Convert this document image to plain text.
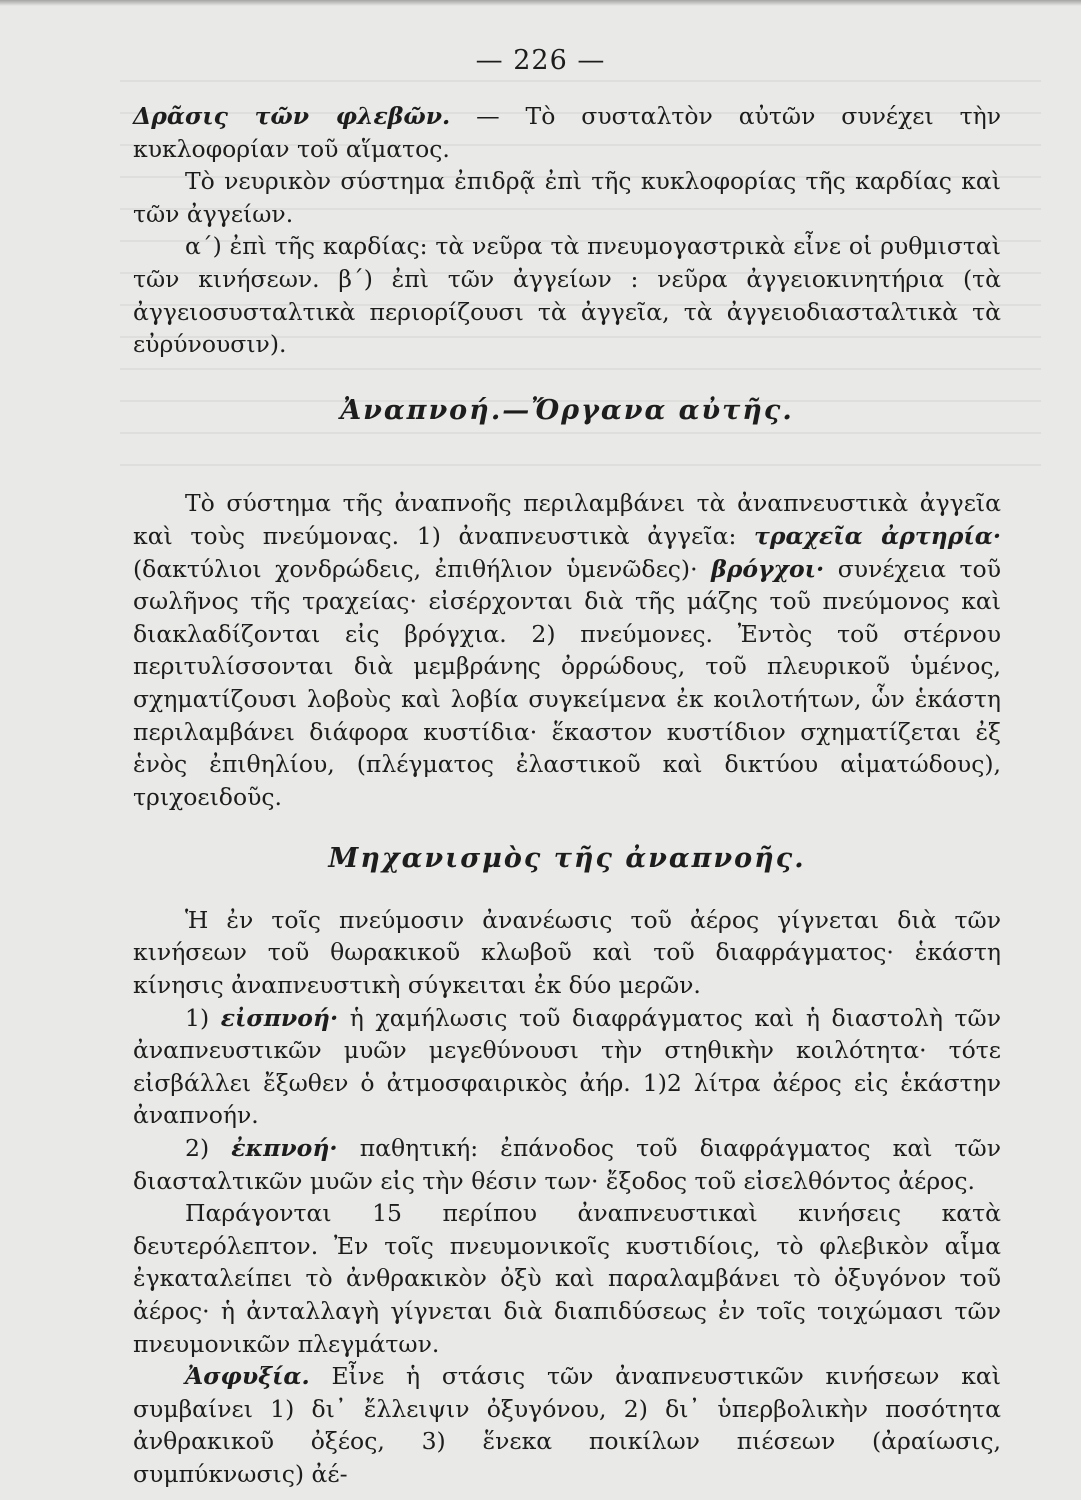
— 226 —

Δρᾶσις τῶν φλεβῶν. — Τὸ συσταλτὸν αὐτῶν συνέχει τὴν κυκλοφορίαν τοῦ αἵματος.

Τὸ νευρικὸν σύστημα ἐπιδρᾷ ἐπὶ τῆς κυκλοφορίας τῆς καρδίας καὶ τῶν ἀγγείων.

α΄) ἐπὶ τῆς καρδίας: τὰ νεῦρα τὰ πνευμογαστρικὰ εἶνε οἱ ρυθμισταὶ τῶν κινήσεων. β΄) ἐπὶ τῶν ἀγγείων : νεῦρα ἀγγειοκινητήρια (τὰ ἀγγειοσυσταλτικὰ περιορίζουσι τὰ ἀγγεῖα, τὰ ἀγγειοδιασταλτικὰ τὰ εὐρύνουσιν).

Ἀναπνοή.—Ὄργανα αὐτῆς.

Τὸ σύστημα τῆς ἀναπνοῆς περιλαμβάνει τὰ ἀναπνευστικὰ ἀγγεῖα καὶ τοὺς πνεύμονας. 1) ἀναπνευστικὰ ἀγγεῖα: τραχεῖα ἀρτηρία· (δακτύλιοι χονδρώδεις, ἐπιθήλιον ὑμενῶδες)· βρόγχοι· συνέχεια τοῦ σωλῆνος τῆς τραχείας· εἰσέρχονται διὰ τῆς μάζης τοῦ πνεύμονος καὶ διακλαδίζονται εἰς βρόγχια. 2) πνεύμονες. Ἐντὸς τοῦ στέρνου περιτυλίσσονται διὰ μεμβράνης ὀρρώδους, τοῦ πλευρικοῦ ὑμένος, σχηματίζουσι λοβοὺς καὶ λοβία συγκείμενα ἐκ κοιλοτήτων, ὧν ἑκάστη περιλαμβάνει διάφορα κυστίδια· ἕκαστον κυστίδιον σχηματίζεται ἐξ ἑνὸς ἐπιθηλίου, (πλέγματος ἐλαστικοῦ καὶ δικτύου αἱματώδους), τριχοειδοῦς.

Μηχανισμὸς τῆς ἀναπνοῆς.

Ἡ ἐν τοῖς πνεύμοσιν ἀνανέωσις τοῦ ἀέρος γίγνεται διὰ τῶν κινήσεων τοῦ θωρακικοῦ κλωβοῦ καὶ τοῦ διαφράγματος· ἑκάστη κίνησις ἀναπνευστικὴ σύγκειται ἐκ δύο μερῶν.

1) εἰσπνοή· ἡ χαμήλωσις τοῦ διαφράγματος καὶ ἡ διαστολὴ τῶν ἀναπνευστικῶν μυῶν μεγεθύνουσι τὴν στηθικὴν κοιλότητα· τότε εἰσβάλλει ἔξωθεν ὁ ἀτμοσφαιρικὸς ἀήρ. 1)2 λίτρα ἀέρος εἰς ἑκάστην ἀναπνοήν.

2) ἐκπνοή· παθητική: ἐπάνοδος τοῦ διαφράγματος καὶ τῶν διασταλτικῶν μυῶν εἰς τὴν θέσιν των· ἔξοδος τοῦ εἰσελθόντος ἀέρος.

Παράγονται 15 περίπου ἀναπνευστικαὶ κινήσεις κατὰ δευτερόλεπτον. Ἐν τοῖς πνευμονικοῖς κυστιδίοις, τὸ φλεβικὸν αἷμα ἐγκαταλείπει τὸ ἀνθρακικὸν ὀξὺ καὶ παραλαμβάνει τὸ ὀξυγόνον τοῦ ἀέρος· ἡ ἀνταλλαγὴ γίγνεται διὰ διαπιδύσεως ἐν τοῖς τοιχώμασι τῶν πνευμονικῶν πλεγμάτων.

Ἀσφυξία. Εἶνε ἡ στάσις τῶν ἀναπνευστικῶν κινήσεων καὶ συμβαίνει 1) δι᾽ ἔλλειψιν ὀξυγόνου, 2) δι᾽ ὑπερβολικὴν ποσότητα ἀνθρακικοῦ ὀξέος, 3) ἕνεκα ποικίλων πιέσεων (ἀραίωσις, συμπύκνωσις) ἀέ-
